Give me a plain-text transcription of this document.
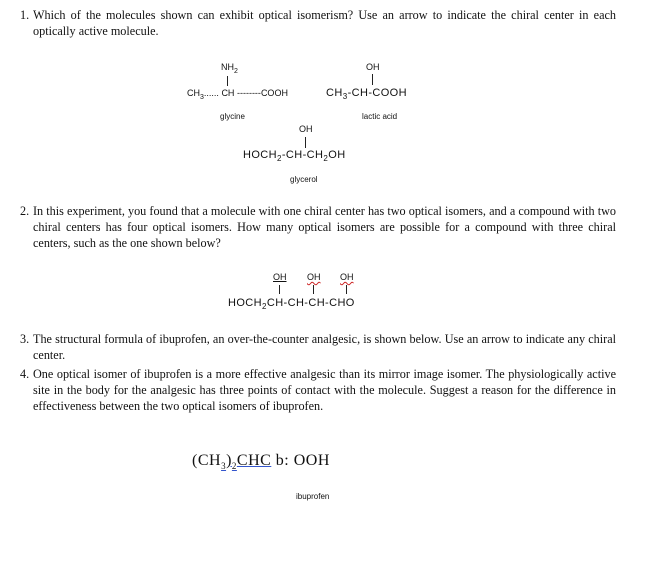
1. Which of the molecules shown can exhibit optical isomerism? Use an arrow to indicate the chiral center in each optically active molecule.
$NH_2$
$CH_3$...... CH --------COOH
glycine
OH
$CH_3-CH$-COOH
lactic acid
OH
$HOCH_2-CH-CH_2OH$
glycerol
2. In this experiment, you found that a molecule with one chiral center has two optical isomers, and a compound with two chiral centers has four optical isomers. How many optical isomers are possible for a compound with three chiral centers, such as the one shown below?
OH OH OH
$HOCH_2CH-CH-CH$-CHO
3. The structural formula of ibuprofen, an over-the-counter analgesic, is shown below. Use an arrow to indicate any chiral center.
4. One optical isomer of ibuprofen is a more effective analgesic than its mirror image isomer. The physiologically active site in the body for the analgesic has three points of contact with the molecule. Suggest a reason for the difference in effectiveness between the two optical isomers of ibuprofen.
$(CH_3)_2CHC$ b: OOH
ibuprofen
